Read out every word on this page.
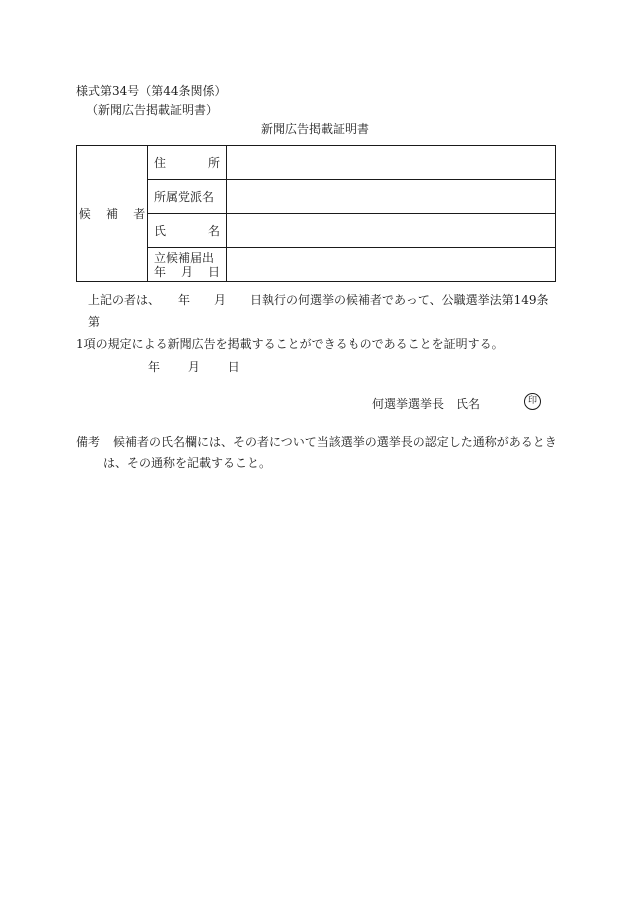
様式第34号（第44条関係）
（新聞広告掲載証明書）
新聞広告掲載証明書
候 補 者	住 所	

	所属党派名	

	氏 名	

	立候補届出
年 月 日	

上記の者は、　　年　　月　　日執行の何選挙の候補者であって、公職選挙法第149条第
1項の規定による新聞広告を掲載することができるものであることを証明する。
年 月 日
何選挙選挙長　氏名	印
備考 候補者の氏名欄には、その者について当該選挙の選挙長の認定した通称があるとき
は、その通称を記載すること。
